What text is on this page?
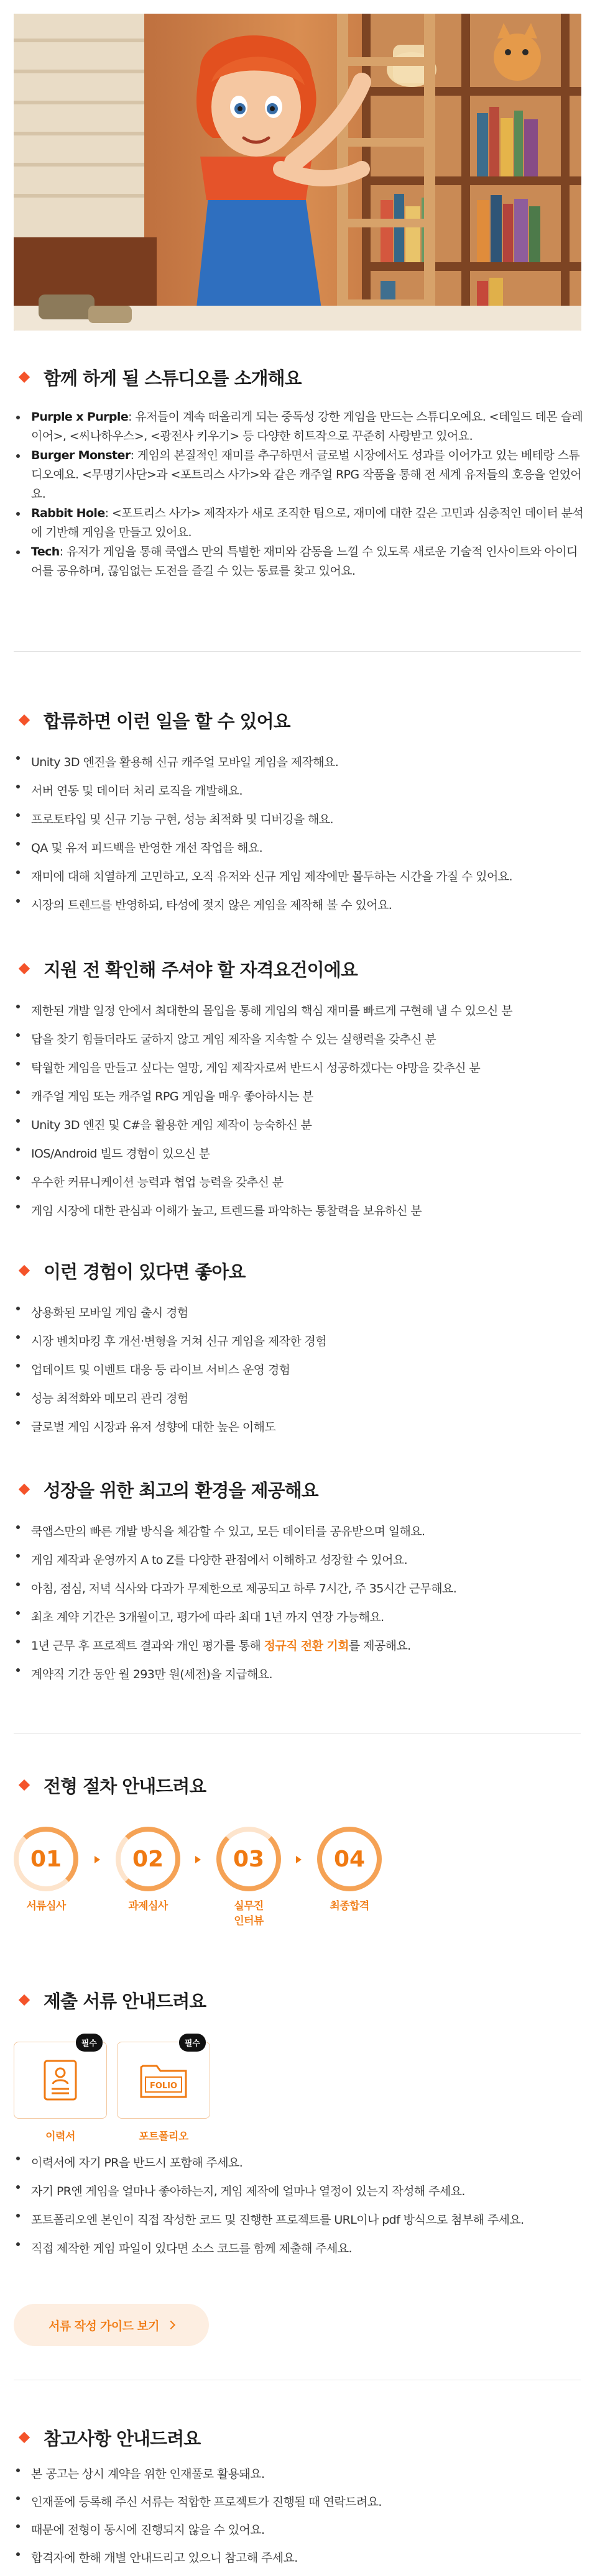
함께 하게 될 스튜디오를 소개해요
Purple x Purple: 유저들이 계속 떠올리게 되는 중독성 강한 게임을 만드는 스튜디오예요. <테일드 데몬 슬레이어>, <씨나하우스>, <광전사 키우기> 등 다양한 히트작으로 꾸준히 사랑받고 있어요.
Burger Monster: 게임의 본질적인 재미를 추구하면서 글로벌 시장에서도 성과를 이어가고 있는 베테랑 스튜디오예요. <무명기사단>과 <포트리스 사가>와 같은 캐주얼 RPG 작품을 통해 전 세계 유저들의 호응을 얻었어요.
Rabbit Hole: <포트리스 사가> 제작자가 새로 조직한 팀으로, 재미에 대한 깊은 고민과 심층적인 데이터 분석에 기반해 게임을 만들고 있어요.
Tech: 유저가 게임을 통해 쿡앱스 만의 특별한 재미와 감동을 느낄 수 있도록 새로운 기술적 인사이트와 아이디어를 공유하며, 끊임없는 도전을 즐길 수 있는 동료를 찾고 있어요.
합류하면 이런 일을 할 수 있어요
Unity 3D 엔진을 활용해 신규 캐주얼 모바일 게임을 제작해요.
서버 연동 및 데이터 처리 로직을 개발해요.
프로토타입 및 신규 기능 구현, 성능 최적화 및 디버깅을 해요.
QA 및 유저 피드백을 반영한 개선 작업을 해요.
재미에 대해 치열하게 고민하고, 오직 유저와 신규 게임 제작에만 몰두하는 시간을 가질 수 있어요.
시장의 트렌드를 반영하되, 타성에 젖지 않은 게임을 제작해 볼 수 있어요.
지원 전 확인해 주셔야 할 자격요건이에요
제한된 개발 일정 안에서 최대한의 몰입을 통해 게임의 핵심 재미를 빠르게 구현해 낼 수 있으신 분
답을 찾기 힘들더라도 굴하지 않고 게임 제작을 지속할 수 있는 실행력을 갖추신 분
탁월한 게임을 만들고 싶다는 열망, 게임 제작자로써 반드시 성공하겠다는 야망을 갖추신 분
캐주얼 게임 또는 캐주얼 RPG 게임을 매우 좋아하시는 분
Unity 3D 엔진 및 C#을 활용한 게임 제작이 능숙하신 분
IOS/Android 빌드 경험이 있으신 분
우수한 커뮤니케이션 능력과 협업 능력을 갖추신 분
게임 시장에 대한 관심과 이해가 높고, 트렌드를 파악하는 통찰력을 보유하신 분
이런 경험이 있다면 좋아요
상용화된 모바일 게임 출시 경험
시장 벤치마킹 후 개선·변형을 거쳐 신규 게임을 제작한 경험
업데이트 및 이벤트 대응 등 라이브 서비스 운영 경험
성능 최적화와 메모리 관리 경험
글로벌 게임 시장과 유저 성향에 대한 높은 이해도
성장을 위한 최고의 환경을 제공해요
쿡앱스만의 빠른 개발 방식을 체감할 수 있고, 모든 데이터를 공유받으며 일해요.
게임 제작과 운영까지 A to Z를 다양한 관점에서 이해하고 성장할 수 있어요.
아침, 점심, 저녁 식사와 다과가 무제한으로 제공되고 하루 7시간, 주 35시간 근무해요.
최초 계약 기간은 3개월이고, 평가에 따라 최대 1년 까지 연장 가능해요.
1년 근무 후 프로젝트 결과와 개인 평가를 통해 정규직 전환 기회를 제공해요.
계약직 기간 동안 월 293만 원(세전)을 지급해요.
전형 절차 안내드려요
01
서류심사
02
과제심사
03
실무진
인터뷰
04
최종합격
제출 서류 안내드려요
필수
이력서
필수
FOLIO
포트폴리오
이력서에 자기 PR을 반드시 포함해 주세요.
자기 PR엔 게임을 얼마나 좋아하는지, 게임 제작에 얼마나 열정이 있는지 작성해 주세요.
포트폴리오엔 본인이 직접 작성한 코드 및 진행한 프로젝트를 URL이나 pdf 방식으로 첨부해 주세요.
직접 제작한 게임 파일이 있다면 소스 코드를 함께 제출해 주세요.
서류 작성 가이드 보기
참고사항 안내드려요
본 공고는 상시 계약을 위한 인재풀로 활용돼요.
인재풀에 등록해 주신 서류는 적합한 프로젝트가 진행될 때 연락드려요.
때문에 전형이 동시에 진행되지 않을 수 있어요.
합격자에 한해 개별 안내드리고 있으니 참고해 주세요.
